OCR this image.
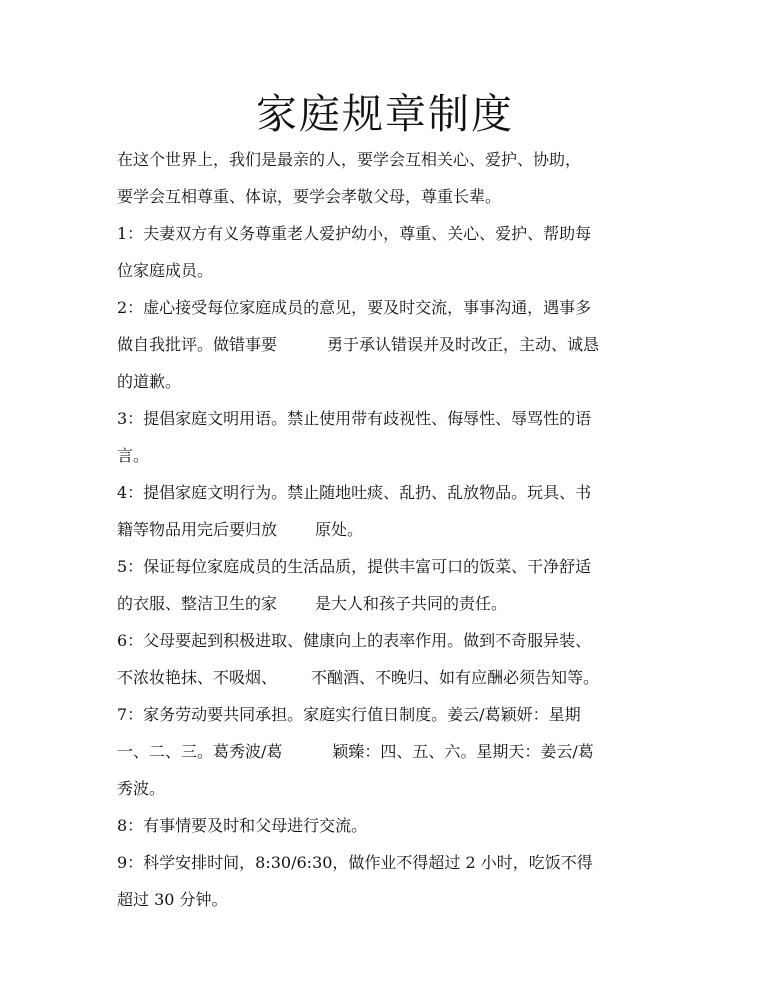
家庭规章制度
在这个世界上，我们是最亲的人，要学会互相关心、爱护、协助，
要学会互相尊重、体谅，要学会孝敬父母，尊重长辈。
1：夫妻双方有义务尊重老人爱护幼小，尊重、关心、爱护、帮助每
位家庭成员。
2：虚心接受每位家庭成员的意见，要及时交流，事事沟通，遇事多
做自我批评。做错事要	勇于承认错误并及时改正，主动、诚恳
的道歉。
3：提倡家庭文明用语。禁止使用带有歧视性、侮辱性、辱骂性的语
言。
4：提倡家庭文明行为。禁止随地吐痰、乱扔、乱放物品。玩具、书
籍等物品用完后要归放 原处。
5：保证每位家庭成员的生活品质，提供丰富可口的饭菜、干净舒适
的衣服、整洁卫生的家 是大人和孩子共同的责任。
6：父母要起到积极进取、健康向上的表率作用。做到不奇服异装、
不浓妆艳抹、不吸烟、 不酗酒、不晚归、如有应酬必须告知等。
7：家务劳动要共同承担。家庭实行值日制度。姜云/葛颖妍：星期
一、二、三。葛秀波/葛	颖臻：四、五、六。星期天：姜云/葛
秀波。
8：有事情要及时和父母进行交流。
9：科学安排时间，8:30/6:30，做作业不得超过 2 小时，吃饭不得
超过 30 分钟。
